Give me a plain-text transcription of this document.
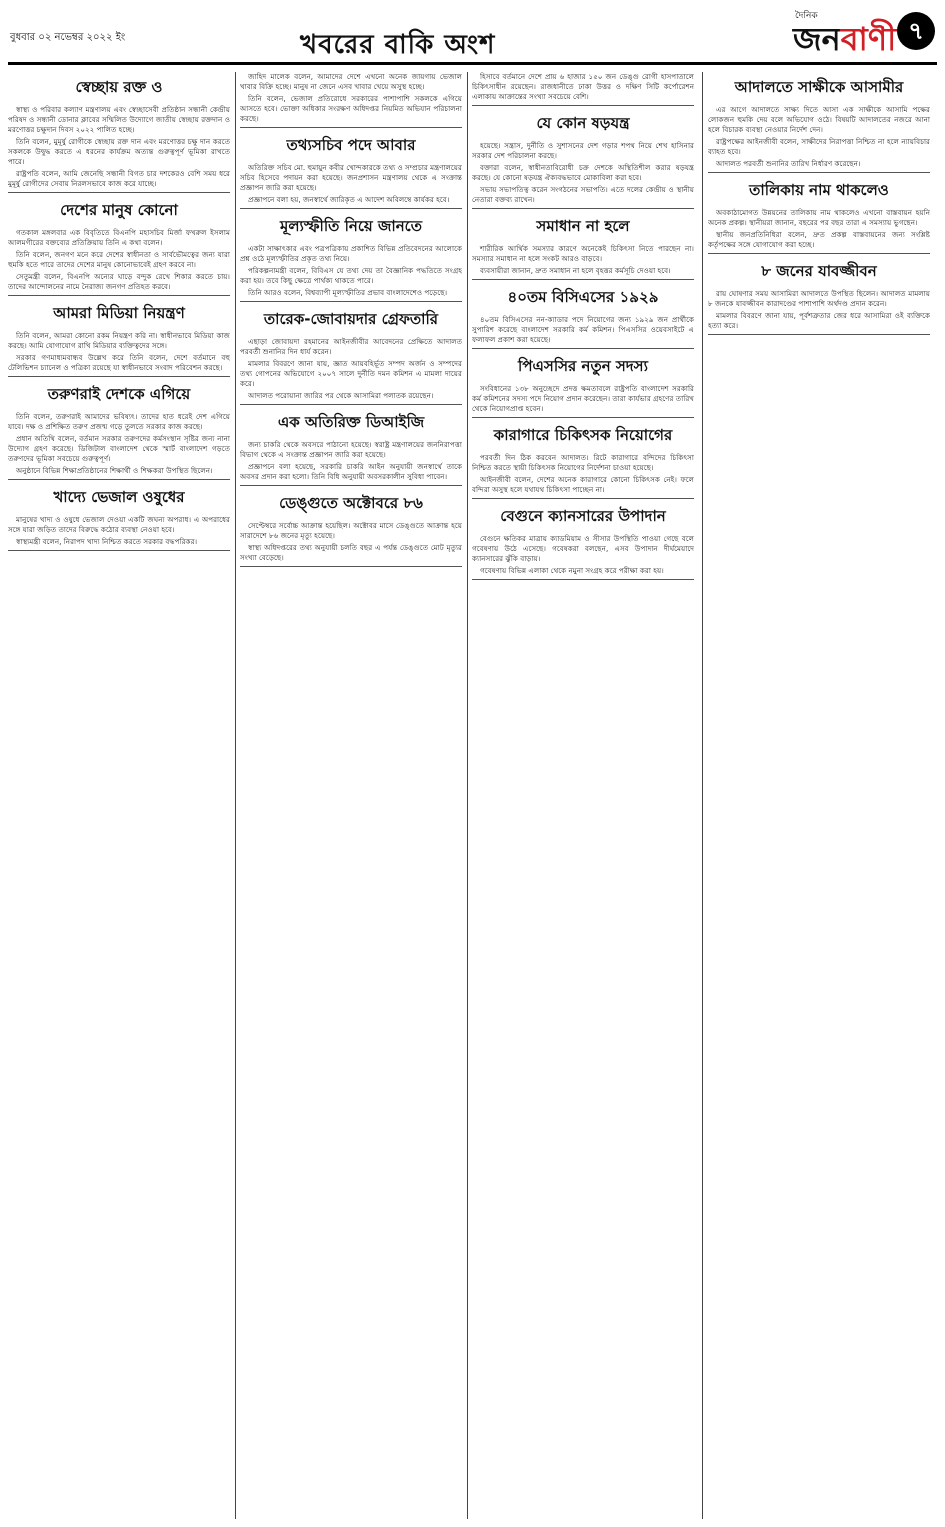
বুধবার ০২ নভেম্বর ২০২২ ইং	খবরের বাকি অংশ
দৈনিক
জনবাণী ৭
স্বেচ্ছায় রক্ত ও

স্বাস্থ্য ও পরিবার কল্যাণ মন্ত্রণালয় এবং স্বেচ্ছাসেবী প্রতিষ্ঠান সন্ধানী কেন্দ্রীয় পরিষদ ও সন্ধানী ডোনার ক্লাবের সম্মিলিত উদ্যোগে জাতীয় স্বেচ্ছায় রক্তদান ও মরণোত্তর চক্ষুদান দিবস ২০২২ পালিত হচ্ছে।

তিনি বলেন, মুমূর্ষু রোগীকে স্বেচ্ছায় রক্ত দান এবং মরণোত্তর চক্ষু দান করতে সকলকে উদ্বুদ্ধ করতে এ ধরনের কার্যক্রম অত্যন্ত গুরুত্বপূর্ণ ভূমিকা রাখতে পারে।

রাষ্ট্রপতি বলেন, আমি জেনেছি সন্ধানী বিগত চার দশকেরও বেশি সময় ধরে মুমূর্ষু রোগীদের সেবায় নিরলসভাবে কাজ করে যাচ্ছে।

দেশের মানুষ কোনো

গতকাল মঙ্গলবার এক বিবৃতিতে বিএনপি মহাসচিব মির্জা ফখরুল ইসলাম আলমগীরের বক্তব্যের প্রতিক্রিয়ায় তিনি এ কথা বলেন।

তিনি বলেন, জনগণ মনে করে দেশের স্বাধীনতা ও সার্বভৌমত্বের জন্য যারা হুমকি হতে পারে তাদের দেশের মানুষ কোনোভাবেই গ্রহণ করবে না।

সেতুমন্ত্রী বলেন, বিএনপি অন্যের ঘাড়ে বন্দুক রেখে শিকার করতে চায়। তাদের আন্দোলনের নামে নৈরাজ্য জনগণ প্রতিহত করবে।

আমরা মিডিয়া নিয়ন্ত্রণ

তিনি বলেন, আমরা কোনো রকম নিয়ন্ত্রণ করি না। স্বাধীনভাবে মিডিয়া কাজ করছে। আমি যোগাযোগ রাখি মিডিয়ার ব্যক্তিত্বদের সঙ্গে।

সরকার গণমাধ্যমবান্ধব উল্লেখ করে তিনি বলেন, দেশে বর্তমানে বহু টেলিভিশন চ্যানেল ও পত্রিকা রয়েছে যা স্বাধীনভাবে সংবাদ পরিবেশন করছে।

তরুণরাই দেশকে এগিয়ে

তিনি বলেন, তরুণরাই আমাদের ভবিষ্যৎ। তাদের হাত ধরেই দেশ এগিয়ে যাবে। দক্ষ ও প্রশিক্ষিত তরুণ প্রজন্ম গড়ে তুলতে সরকার কাজ করছে।

প্রধান অতিথি বলেন, বর্তমান সরকার তরুণদের কর্মসংস্থান সৃষ্টির জন্য নানা উদ্যোগ গ্রহণ করেছে। ডিজিটাল বাংলাদেশ থেকে স্মার্ট বাংলাদেশ গড়তে তরুণদের ভূমিকা সবচেয়ে গুরুত্বপূর্ণ।

অনুষ্ঠানে বিভিন্ন শিক্ষাপ্রতিষ্ঠানের শিক্ষার্থী ও শিক্ষকরা উপস্থিত ছিলেন।

খাদ্যে ভেজাল ওষুধের

মানুষের খাদ্য ও ওষুধে ভেজাল দেওয়া একটি জঘন্য অপরাধ। এ অপরাধের সঙ্গে যারা জড়িত তাদের বিরুদ্ধে কঠোর ব্যবস্থা নেওয়া হবে।

স্বাস্থ্যমন্ত্রী বলেন, নিরাপদ খাদ্য নিশ্চিত করতে সরকার বদ্ধপরিকর।

জাহিদ মালেক বলেন, আমাদের দেশে এখনো অনেক জায়গায় ভেজাল খাবার বিক্রি হচ্ছে। মানুষ না জেনে এসব খাবার খেয়ে অসুস্থ হচ্ছে।

তিনি বলেন, ভেজাল প্রতিরোধে সরকারের পাশাপাশি সকলকে এগিয়ে আসতে হবে। ভোক্তা অধিকার সংরক্ষণ অধিদপ্তর নিয়মিত অভিযান পরিচালনা করছে।

তথ্যসচিব পদে আবার

অতিরিক্ত সচিব মো. হুমায়ুন কবীর খোন্দকারকে তথ্য ও সম্প্রচার মন্ত্রণালয়ের সচিব হিসেবে পদায়ন করা হয়েছে। জনপ্রশাসন মন্ত্রণালয় থেকে এ সংক্রান্ত প্রজ্ঞাপন জারি করা হয়েছে।

প্রজ্ঞাপনে বলা হয়, জনস্বার্থে জারিকৃত এ আদেশ অবিলম্বে কার্যকর হবে।

মূল্যস্ফীতি নিয়ে জানতে

একটা সাক্ষাৎকার এবং পত্রপত্রিকায় প্রকাশিত বিভিন্ন প্রতিবেদনের আলোকে প্রশ্ন ওঠে মূল্যস্ফীতির প্রকৃত তথ্য নিয়ে।

পরিকল্পনামন্ত্রী বলেন, বিবিএস যে তথ্য দেয় তা বৈজ্ঞানিক পদ্ধতিতে সংগ্রহ করা হয়। তবে কিছু ক্ষেত্রে পার্থক্য থাকতে পারে।

তিনি আরও বলেন, বিশ্বব্যাপী মূল্যস্ফীতির প্রভাব বাংলাদেশেও পড়েছে।

তারেক-জোবায়দার গ্রেফতারি

এছাড়া জোবায়দা রহমানের আইনজীবীর আবেদনের প্রেক্ষিতে আদালত পরবর্তী শুনানির দিন ধার্য করেন।

মামলার বিবরণে জানা যায়, জ্ঞাত আয়বহির্ভূত সম্পদ অর্জন ও সম্পদের তথ্য গোপনের অভিযোগে ২০০৭ সালে দুর্নীতি দমন কমিশন এ মামলা দায়ের করে।

আদালত পরোয়ানা জারির পর থেকে আসামিরা পলাতক রয়েছেন।

এক অতিরিক্ত ডিআইজি

জন্য চাকরি থেকে অবসরে পাঠানো হয়েছে। স্বরাষ্ট্র মন্ত্রণালয়ের জননিরাপত্তা বিভাগ থেকে এ সংক্রান্ত প্রজ্ঞাপন জারি করা হয়েছে।

প্রজ্ঞাপনে বলা হয়েছে, সরকারি চাকরি আইন অনুযায়ী জনস্বার্থে তাকে অবসর প্রদান করা হলো। তিনি বিধি অনুযায়ী অবসরকালীন সুবিধা পাবেন।

ডেঙ্গুতে অক্টোবরে ৮৬

সেপ্টেম্বরে সর্বোচ্চ আক্রান্ত হয়েছিল। অক্টোবর মাসে ডেঙ্গুতে আক্রান্ত হয়ে সারাদেশে ৮৬ জনের মৃত্যু হয়েছে।

স্বাস্থ্য অধিদপ্তরের তথ্য অনুযায়ী চলতি বছর এ পর্যন্ত ডেঙ্গুতে মোট মৃত্যুর সংখ্যা বেড়েছে।

হিসাবে বর্তমানে দেশে প্রায় ৬ হাজার ১৫০ জন ডেঙ্গু রোগী হাসপাতালে চিকিৎসাধীন রয়েছেন। রাজধানীতে ঢাকা উত্তর ও দক্ষিণ সিটি কর্পোরেশন এলাকায় আক্রান্তের সংখ্যা সবচেয়ে বেশি।

যে কোন ষড়যন্ত্র

হয়েছে। সন্ত্রাস, দুর্নীতি ও সুশাসনের দেশ গড়ার শপথ নিয়ে শেখ হাসিনার সরকার দেশ পরিচালনা করছে।

বক্তারা বলেন, স্বাধীনতাবিরোধী চক্র দেশকে অস্থিতিশীল করার ষড়যন্ত্র করছে। যে কোনো ষড়যন্ত্র ঐক্যবদ্ধভাবে মোকাবিলা করা হবে।

সভায় সভাপতিত্ব করেন সংগঠনের সভাপতি। এতে দলের কেন্দ্রীয় ও স্থানীয় নেতারা বক্তব্য রাখেন।

সমাধান না হলে

শারীরিক আর্থিক সমস্যার কারণে অনেকেই চিকিৎসা নিতে পারছেন না। সমস্যার সমাধান না হলে সংকট আরও বাড়বে।

ব্যবসায়ীরা জানান, দ্রুত সমাধান না হলে বৃহত্তর কর্মসূচি দেওয়া হবে।

৪০তম বিসিএসের ১৯২৯

৪০তম বিসিএসের নন-ক্যাডার পদে নিয়োগের জন্য ১৯২৯ জন প্রার্থীকে সুপারিশ করেছে বাংলাদেশ সরকারি কর্ম কমিশন। পিএসসির ওয়েবসাইটে এ ফলাফল প্রকাশ করা হয়েছে।

পিএসসির নতুন সদস্য

সংবিধানের ১৩৮ অনুচ্ছেদে প্রদত্ত ক্ষমতাবলে রাষ্ট্রপতি বাংলাদেশ সরকারি কর্ম কমিশনের সদস্য পদে নিয়োগ প্রদান করেছেন। তারা কার্যভার গ্রহণের তারিখ থেকে নিয়োগপ্রাপ্ত হবেন।

কারাগারে চিকিৎসক নিয়োগের

পরবর্তী দিন ঠিক করবেন আদালত। রিটে কারাগারে বন্দিদের চিকিৎসা নিশ্চিত করতে স্থায়ী চিকিৎসক নিয়োগের নির্দেশনা চাওয়া হয়েছে।

আইনজীবী বলেন, দেশের অনেক কারাগারে কোনো চিকিৎসক নেই। ফলে বন্দিরা অসুস্থ হলে যথাযথ চিকিৎসা পাচ্ছেন না।

বেগুনে ক্যানসারের উপাদান

বেগুনে ক্ষতিকর মাত্রায় ক্যাডমিয়াম ও সীসার উপস্থিতি পাওয়া গেছে বলে গবেষণায় উঠে এসেছে। গবেষকরা বলছেন, এসব উপাদান দীর্ঘমেয়াদে ক্যানসারের ঝুঁকি বাড়ায়।

গবেষণায় বিভিন্ন এলাকা থেকে নমুনা সংগ্রহ করে পরীক্ষা করা হয়।

আদালতে সাক্ষীকে আসামীর

এর আগে আদালতে সাক্ষ্য দিতে আসা এক সাক্ষীকে আসামি পক্ষের লোকজন হুমকি দেয় বলে অভিযোগ ওঠে। বিষয়টি আদালতের নজরে আনা হলে বিচারক ব্যবস্থা নেওয়ার নির্দেশ দেন।

রাষ্ট্রপক্ষের আইনজীবী বলেন, সাক্ষীদের নিরাপত্তা নিশ্চিত না হলে ন্যায়বিচার ব্যাহত হবে।

আদালত পরবর্তী শুনানির তারিখ নির্ধারণ করেছেন।

তালিকায় নাম থাকলেও

অবকাঠামোগত উন্নয়নের তালিকায় নাম থাকলেও এখনো বাস্তবায়ন হয়নি অনেক প্রকল্প। স্থানীয়রা জানান, বছরের পর বছর তারা এ সমস্যায় ভুগছেন।

স্থানীয় জনপ্রতিনিধিরা বলেন, দ্রুত প্রকল্প বাস্তবায়নের জন্য সংশ্লিষ্ট কর্তৃপক্ষের সঙ্গে যোগাযোগ করা হচ্ছে।

৮ জনের যাবজ্জীবন

রায় ঘোষণার সময় আসামিরা আদালতে উপস্থিত ছিলেন। আদালত মামলায় ৮ জনকে যাবজ্জীবন কারাদণ্ডের পাশাপাশি অর্থদণ্ড প্রদান করেন।

মামলার বিবরণে জানা যায়, পূর্বশত্রুতার জের ধরে আসামিরা ওই ব্যক্তিকে হত্যা করে।
